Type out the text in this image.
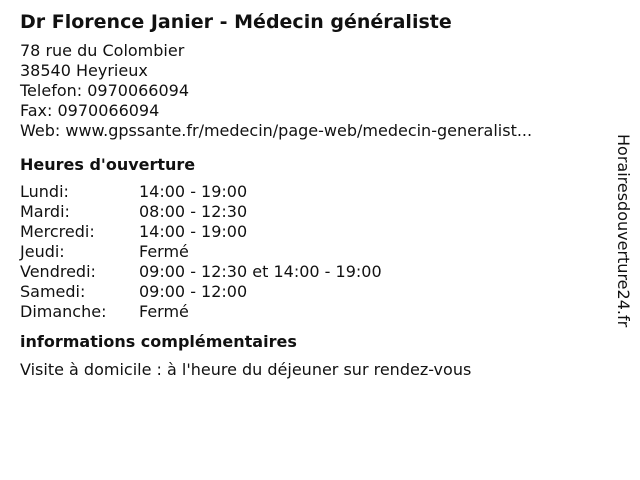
Dr Florence Janier - Médecin généraliste
78 rue du Colombier
38540 Heyrieux
Telefon: 0970066094
Fax: 0970066094
Web: www.gpssante.fr/medecin/page-web/medecin-generalist...
Heures d'ouverture
Lundi:	14:00 - 19:00
Mardi:	08:00 - 12:30
Mercredi:	14:00 - 19:00
Jeudi:	Fermé
Vendredi:	09:00 - 12:30 et 14:00 - 19:00
Samedi:	09:00 - 12:00
Dimanche:	Fermé
informations complémentaires
Visite à domicile : à l'heure du déjeuner sur rendez-vous
Horairesdouverture24.fr
